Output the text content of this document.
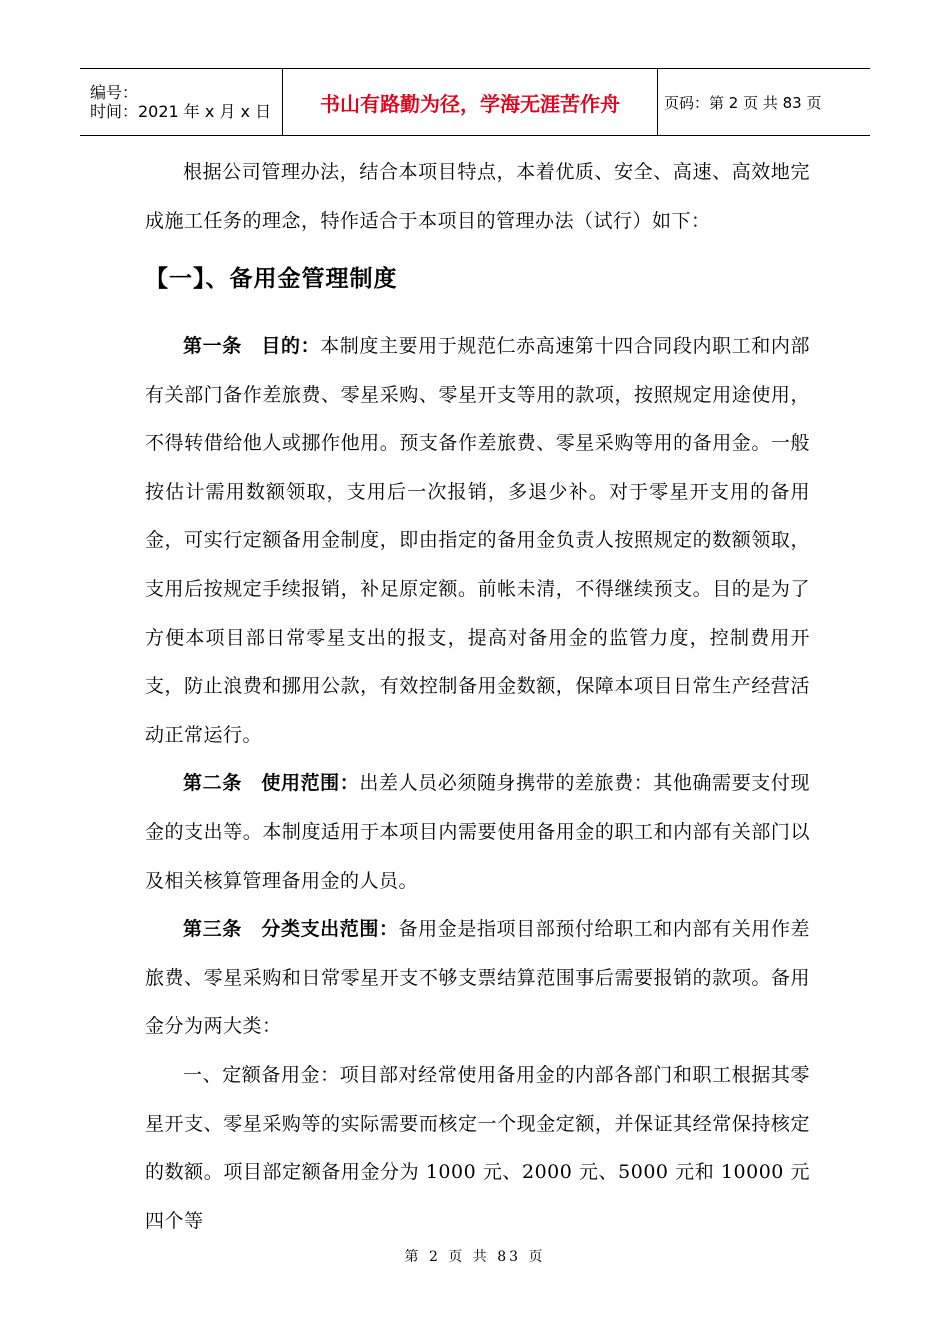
编号：
时间：2021 年 x 月 x 日	书山有路勤为径，学海无涯苦作舟	页码：第 2 页 共 83 页

根据公司管理办法，结合本项目特点，本着优质、安全、高速、高效地完成施工任务的理念，特作适合于本项目的管理办法（试行）如下：

【一】、备用金管理制度

第一条　目的：本制度主要用于规范仁赤高速第十四合同段内职工和内部有关部门备作差旅费、零星采购、零星开支等用的款项，按照规定用途使用，不得转借给他人或挪作他用。预支备作差旅费、零星采购等用的备用金。一般按估计需用数额领取，支用后一次报销，多退少补。对于零星开支用的备用金，可实行定额备用金制度，即由指定的备用金负责人按照规定的数额领取，支用后按规定手续报销，补足原定额。前帐未清，不得继续预支。目的是为了方便本项目部日常零星支出的报支，提高对备用金的监管力度，控制费用开支，防止浪费和挪用公款，有效控制备用金数额，保障本项目日常生产经营活动正常运行。

第二条　使用范围：出差人员必须随身携带的差旅费：其他确需要支付现金的支出等。本制度适用于本项目内需要使用备用金的职工和内部有关部门以及相关核算管理备用金的人员。

第三条　分类支出范围：备用金是指项目部预付给职工和内部有关用作差旅费、零星采购和日常零星开支不够支票结算范围事后需要报销的款项。备用金分为两大类：

一、定额备用金：项目部对经常使用备用金的内部各部门和职工根据其零星开支、零星采购等的实际需要而核定一个现金定额，并保证其经常保持核定的数额。项目部定额备用金分为 1000 元、2000 元、5000 元和 10000 元四个等

第 2 页 共 83 页
